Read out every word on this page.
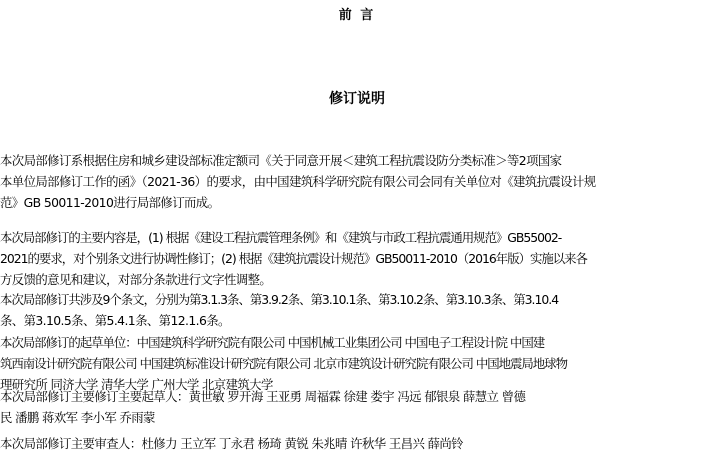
前 言
修订说明
本次局部修订系根据住房和城乡建设部标准定额司《关于同意开展＜建筑工程抗震设防分类标准＞等2项国家
本单位局部修订工作的函》（2021-36）的要求，由中国建筑科学研究院有限公司会同有关单位对《建筑抗震设计规
范》GB 50011-2010进行局部修订而成。
本次局部修订的主要内容是，(1) 根据《建设工程抗震管理条例》和《建筑与市政工程抗震通用规范》GB55002-
2021的要求，对个别条文进行协调性修订；(2) 根据《建筑抗震设计规范》GB50011-2010（2016年版）实施以来各
方反馈的意见和建议，对部分条款进行文字性调整。
本次局部修订共涉及9个条文，分别为第3.1.3条、第3.9.2条、第3.10.1条、第3.10.2条、第3.10.3条、第3.10.4
条、第3.10.5条、第5.4.1条、第12.1.6条。
本次局部修订的起草单位：中国建筑科学研究院有限公司 中国机械工业集团公司 中国电子工程设计院 中国建
筑西南设计研究院有限公司 中国建筑标准设计研究院有限公司 北京市建筑设计研究院有限公司 中国地震局地球物
理研究所 同济大学 清华大学 广州大学 北京建筑大学
本次局部修订主要修订主要起草人：黄世敏 罗开海 王亚勇 周福霖 徐建 娄宇 冯远 郁银泉 薛慧立 曾德
民 潘鹏 蒋欢军 李小军 乔雨蒙
本次局部修订主要审查人：杜修力 王立军 丁永君 杨琦 黄锐 朱兆晴 许秋华 王昌兴 薛尚铃
